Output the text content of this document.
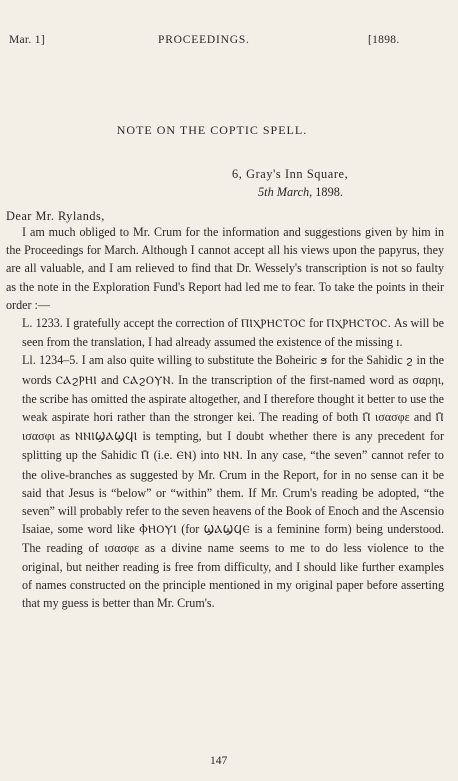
Mar. 1]	PROCEEDINGS.	[1898.
NOTE ON THE COPTIC SPELL.
6, Gray's Inn Square,
5th March, 1898.
Dear Mr. Rylands,

I am much obliged to Mr. Crum for the information and suggestions given by him in the Proceedings for March. Although I cannot accept all his views upon the papyrus, they are all valuable, and I am relieved to find that Dr. Wessely's transcription is not so faulty as the note in the Exploration Fund's Report had led me to fear. To take the points in their order :—

L. 1233. I gratefully accept the correction of ⲠⲒⲬⲢⲎⲤⲦⲞⲤ for ⲠⲬⲢⲎⲤⲦⲞⲤ. As will be seen from the translation, I had already assumed the existence of the missing ɪ.

Ll. 1234–5. I am also quite willing to substitute the Boheiric ϧ for the Sahidic ϩ in the words ⲤⲀϩⲢⲎⲒ and ⲤⲀϩⲞⲨⲚ. In the transcription of the first-named word as σαρηι, the scribe has omitted the aspirate altogether, and I therefore thought it better to use the weak aspirate hori rather than the stronger kei. The reading of both Ⲡ̄ ισασφε and Ⲡ̄ ισασφι as ⲚⲚⲒϢⲀϢϤⲒ is tempting, but I doubt whether there is any precedent for splitting up the Sahidic Ⲡ̄ (i.e. ⲈⲚ) into ⲚⲚ. In any case, “the seven” cannot refer to the olive-branches as suggested by Mr. Crum in the Report, for in no sense can it be said that Jesus is “below” or “within” them. If Mr. Crum's reading be adopted, “the seven” will probably refer to the seven heavens of the Book of Enoch and the Ascensio Isaiae, some word like ⲪⲎⲞⲨⲒ (for ϢⲀϢϤⲈ is a feminine form) being understood. The reading of ισασφε as a divine name seems to me to do less violence to the original, but neither reading is free from difficulty, and I should like further examples of names constructed on the principle mentioned in my original paper before asserting that my guess is better than Mr. Crum's.

147
